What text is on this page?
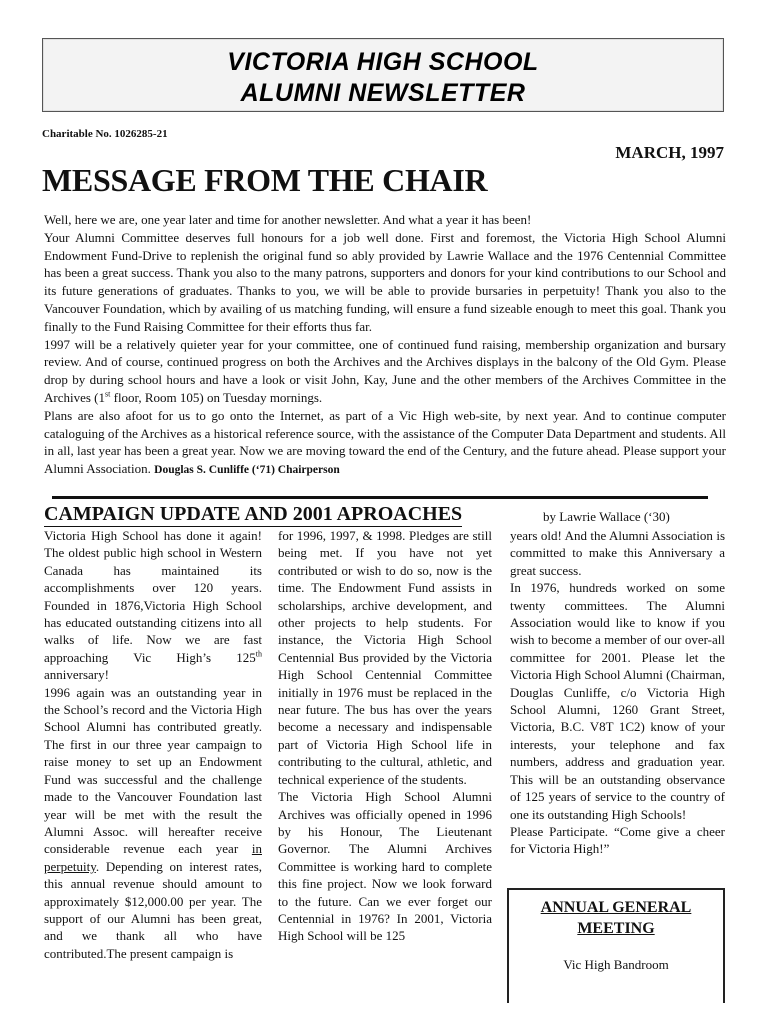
VICTORIA HIGH SCHOOL
ALUMNI NEWSLETTER
Charitable No. 1026285-21
MARCH, 1997
MESSAGE FROM THE CHAIR

Well, here we are, one year later and time for another newsletter. And what a year it has been!

Your Alumni Committee deserves full honours for a job well done. First and foremost, the Victoria High School Alumni Endowment Fund-Drive to replenish the original fund so ably provided by Lawrie Wallace and the 1976 Centennial Committee has been a great success. Thank you also to the many patrons, supporters and donors for your kind contributions to our School and its future generations of graduates. Thanks to you, we will be able to provide bursaries in perpetuity! Thank you also to the Vancouver Foundation, which by availing of us matching funding, will ensure a fund sizeable enough to meet this goal. Thank you finally to the Fund Raising Committee for their efforts thus far.

1997 will be a relatively quieter year for your committee, one of continued fund raising, membership organization and bursary review. And of course, continued progress on both the Archives and the Archives displays in the balcony of the Old Gym. Please drop by during school hours and have a look or visit John, Kay, June and the other members of the Archives Committee in the Archives (1st floor, Room 105) on Tuesday mornings.

Plans are also afoot for us to go onto the Internet, as part of a Vic High web-site, by next year. And to continue computer cataloguing of the Archives as a historical reference source, with the assistance of the Computer Data Department and students. All in all, last year has been a great year. Now we are moving toward the end of the Century, and the future ahead. Please support your Alumni Association. Douglas S. Cunliffe (‘71) Chairperson

CAMPAIGN UPDATE AND 2001 APROACHES	by Lawrie Wallace (‘30)

Victoria High School has done it again! The oldest public high school in Western Canada has maintained its accomplishments over 120 years. Founded in 1876,Victoria High School has educated outstanding citizens into all walks of life. Now we are fast approaching Vic High’s 125th anniversary!

1996 again was an outstanding year in the School’s record and the Victoria High School Alumni has contributed greatly. The first in our three year campaign to raise money to set up an Endowment Fund was successful and the challenge made to the Vancouver Foundation last year will be met with the result the Alumni Assoc. will hereafter receive considerable revenue each year in perpetuity. Depending on interest rates, this annual revenue should amount to approximately $12,000.00 per year. The support of our Alumni has been great, and we thank all who have contributed.The present campaign is

for 1996, 1997, & 1998. Pledges are still being met. If you have not yet contributed or wish to do so, now is the time. The Endowment Fund assists in scholarships, archive development, and other projects to help students. For instance, the Victoria High School Centennial Bus provided by the Victoria High School Centennial Committee initially in 1976 must be replaced in the near future. The bus has over the years become a necessary and indispensable part of Victoria High School life in contributing to the cultural, athletic, and technical experience of the students.

The Victoria High School Alumni Archives was officially opened in 1996 by his Honour, The Lieutenant Governor. The Alumni Archives Committee is working hard to complete this fine project. Now we look forward to the future. Can we ever forget our Centennial in 1976? In 2001, Victoria High School will be 125

years old! And the Alumni Association is committed to make this Anniversary a great success.

In 1976, hundreds worked on some twenty committees. The Alumni Association would like to know if you wish to become a member of our over-all committee for 2001. Please let the Victoria High School Alumni (Chairman, Douglas Cunliffe, c/o Victoria High School Alumni, 1260 Grant Street, Victoria, B.C. V8T 1C2) know of your interests, your telephone and fax numbers, address and graduation year. This will be an outstanding observance of 125 years of service to the country of one its outstanding High Schools!

Please Participate. “Come give a cheer for Victoria High!”

ANNUAL GENERAL
MEETING
Vic High Bandroom
